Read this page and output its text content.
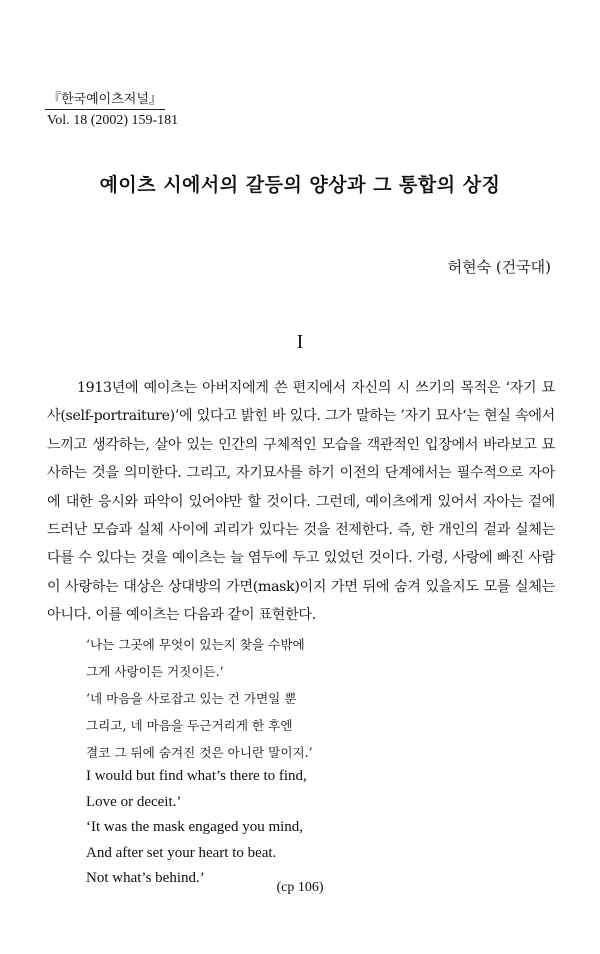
『한국예이츠저널』
Vol. 18 (2002) 159-181
예이츠 시에서의 갈등의 양상과 그 통합의 상징
허현숙 (건국대)
I

1913년에 예이츠는 아버지에게 쓴 편지에서 자신의 시 쓰기의 목적은 ‘자기 묘사(self-portraiture)’에 있다고 밝힌 바 있다. 그가 말하는 ’자기 묘사‘는 현실 속에서 느끼고 생각하는, 살아 있는 인간의 구체적인 모습을 객관적인 입장에서 바라보고 묘사하는 것을 의미한다. 그리고, 자기묘사를 하기 이전의 단계에서는 필수적으로 자아에 대한 응시와 파악이 있어야만 할 것이다. 그런데, 예이츠에게 있어서 자아는 겉에 드러난 모습과 실체 사이에 괴리가 있다는 것을 전제한다. 즉, 한 개인의 겉과 실체는 다를 수 있다는 것을 예이츠는 늘 염두에 두고 있었던 것이다. 가령, 사랑에 빠진 사람이 사랑하는 대상은 상대방의 가면(mask)이지 가면 뒤에 숨겨 있을지도 모를 실체는 아니다. 이를 예이츠는 다음과 같이 표현한다.

‘나는 그곳에 무엇이 있는지 찾을 수밖에
그게 사랑이든 거짓이든.‘
‘네 마음을 사로잡고 있는 건 가면일 뿐
그리고, 네 마음을 두근거리게 한 후엔
결코 그 뒤에 숨겨진 것은 아니란 말이지.’
I would but find what’s there to find,
Love or deceit.’
‘It was the mask engaged you mind,
And after set your heart to beat.
Not what’s behind.’
(cp 106)
